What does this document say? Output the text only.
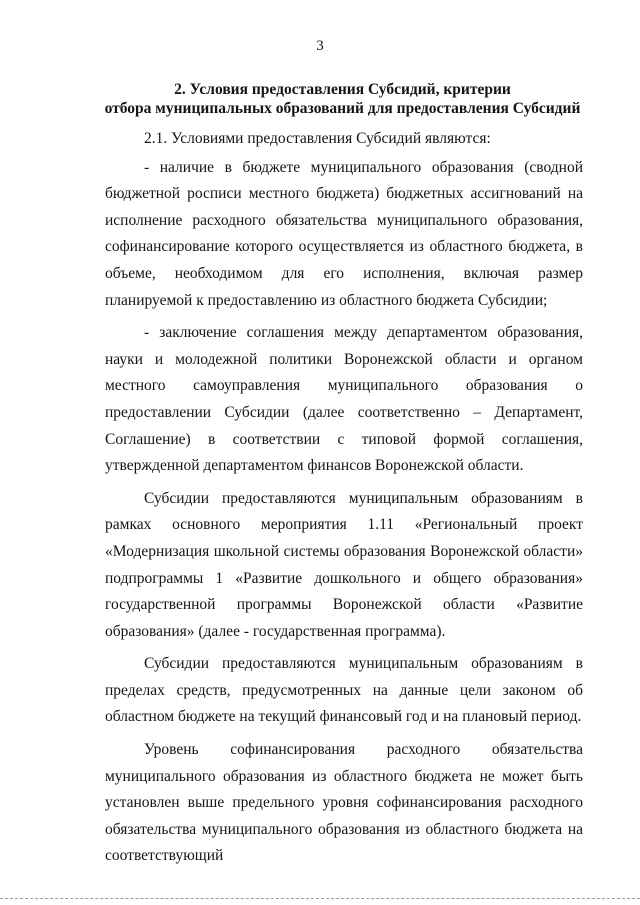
3
2. Условия предоставления Субсидий, критерии
отбора муниципальных образований для предоставления Субсидий

2.1. Условиями предоставления Субсидий являются:

- наличие в бюджете муниципального образования (сводной бюджетной росписи местного бюджета) бюджетных ассигнований на исполнение расходного обязательства муниципального образования, софинансирование которого осуществляется из областного бюджета, в объеме, необходимом для его исполнения, включая размер планируемой к предоставлению из областного бюджета Субсидии;

- заключение соглашения между департаментом образования, науки и молодежной политики Воронежской области и органом местного самоуправления муниципального образования о предоставлении Субсидии (далее соответственно – Департамент, Соглашение) в соответствии с типовой формой соглашения, утвержденной департаментом финансов Воронежской области.

Субсидии предоставляются муниципальным образованиям в рамках основного мероприятия 1.11 «Региональный проект «Модернизация школьной системы образования Воронежской области» подпрограммы 1 «Развитие дошкольного и общего образования» государственной программы Воронежской области «Развитие образования» (далее - государственная программа).

Субсидии предоставляются муниципальным образованиям в пределах средств, предусмотренных на данные цели законом об областном бюджете на текущий финансовый год и на плановый период.

Уровень софинансирования расходного обязательства муниципального образования из областного бюджета не может быть установлен выше предельного уровня софинансирования расходного обязательства муниципального образования из областного бюджета на соответствующий
